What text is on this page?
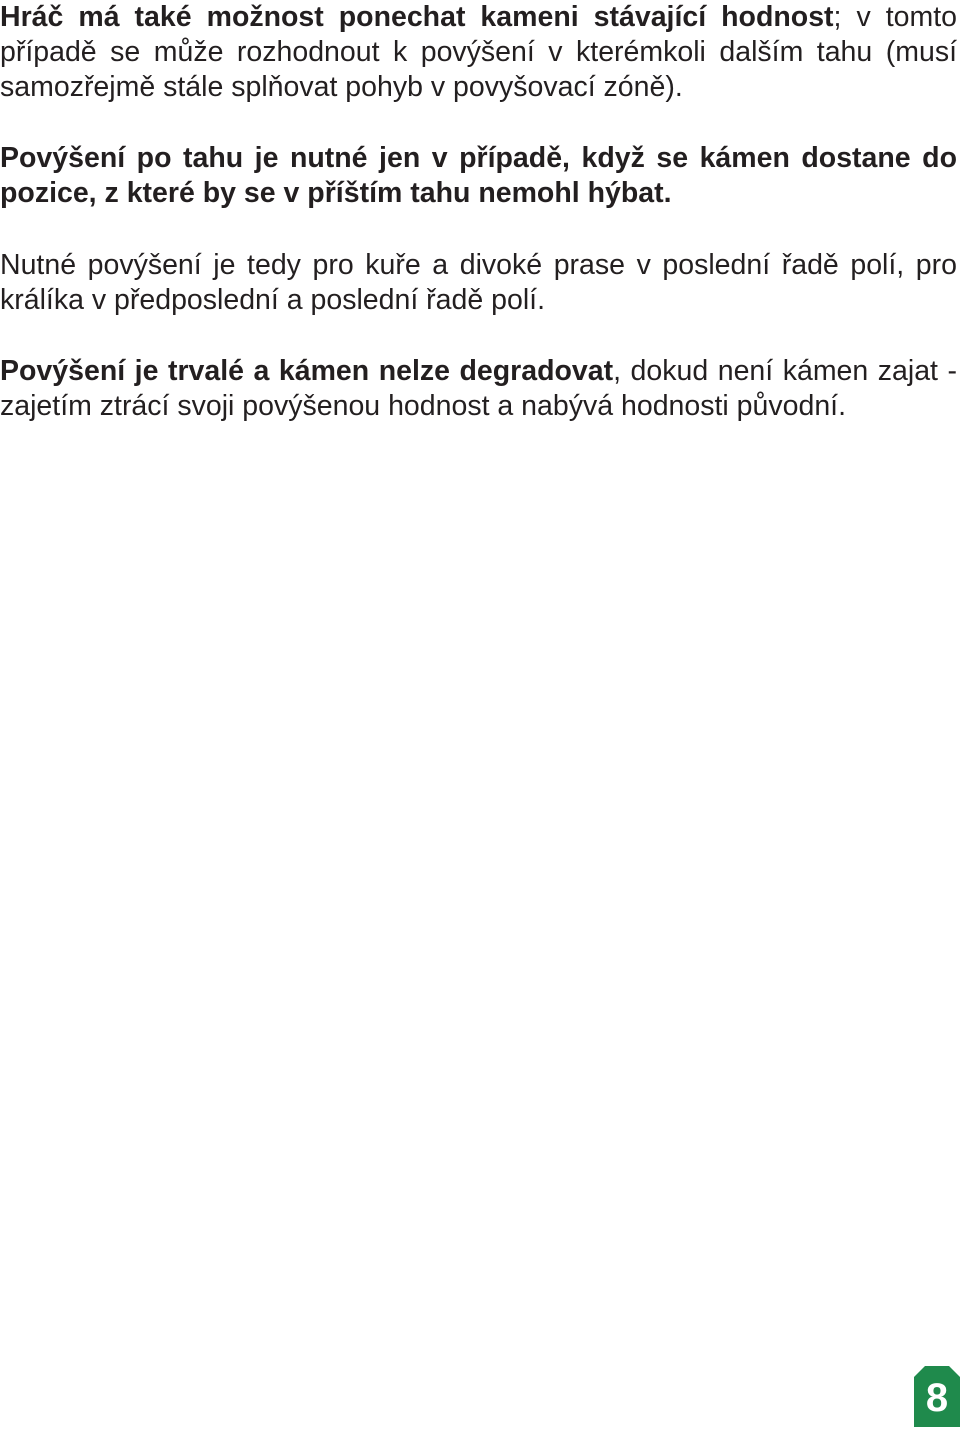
Hráč má také možnost ponechat kameni stávající hodnost; v tomto případě se může rozhodnout k povýšení v kterémkoli dalším tahu (musí samozřejmě stále splňovat pohyb v povyšovací zóně).

Povýšení po tahu je nutné jen v případě, když se kámen dostane do pozice, z které by se v příštím tahu nemohl hýbat.

Nutné povýšení je tedy pro kuře a divoké prase v poslední řadě polí, pro králíka v předposlední a poslední řadě polí.

Povýšení je trvalé a kámen nelze degradovat, dokud není kámen zajat - zajetím ztrácí svoji povýšenou hodnost a nabývá hodnosti původní.

8
